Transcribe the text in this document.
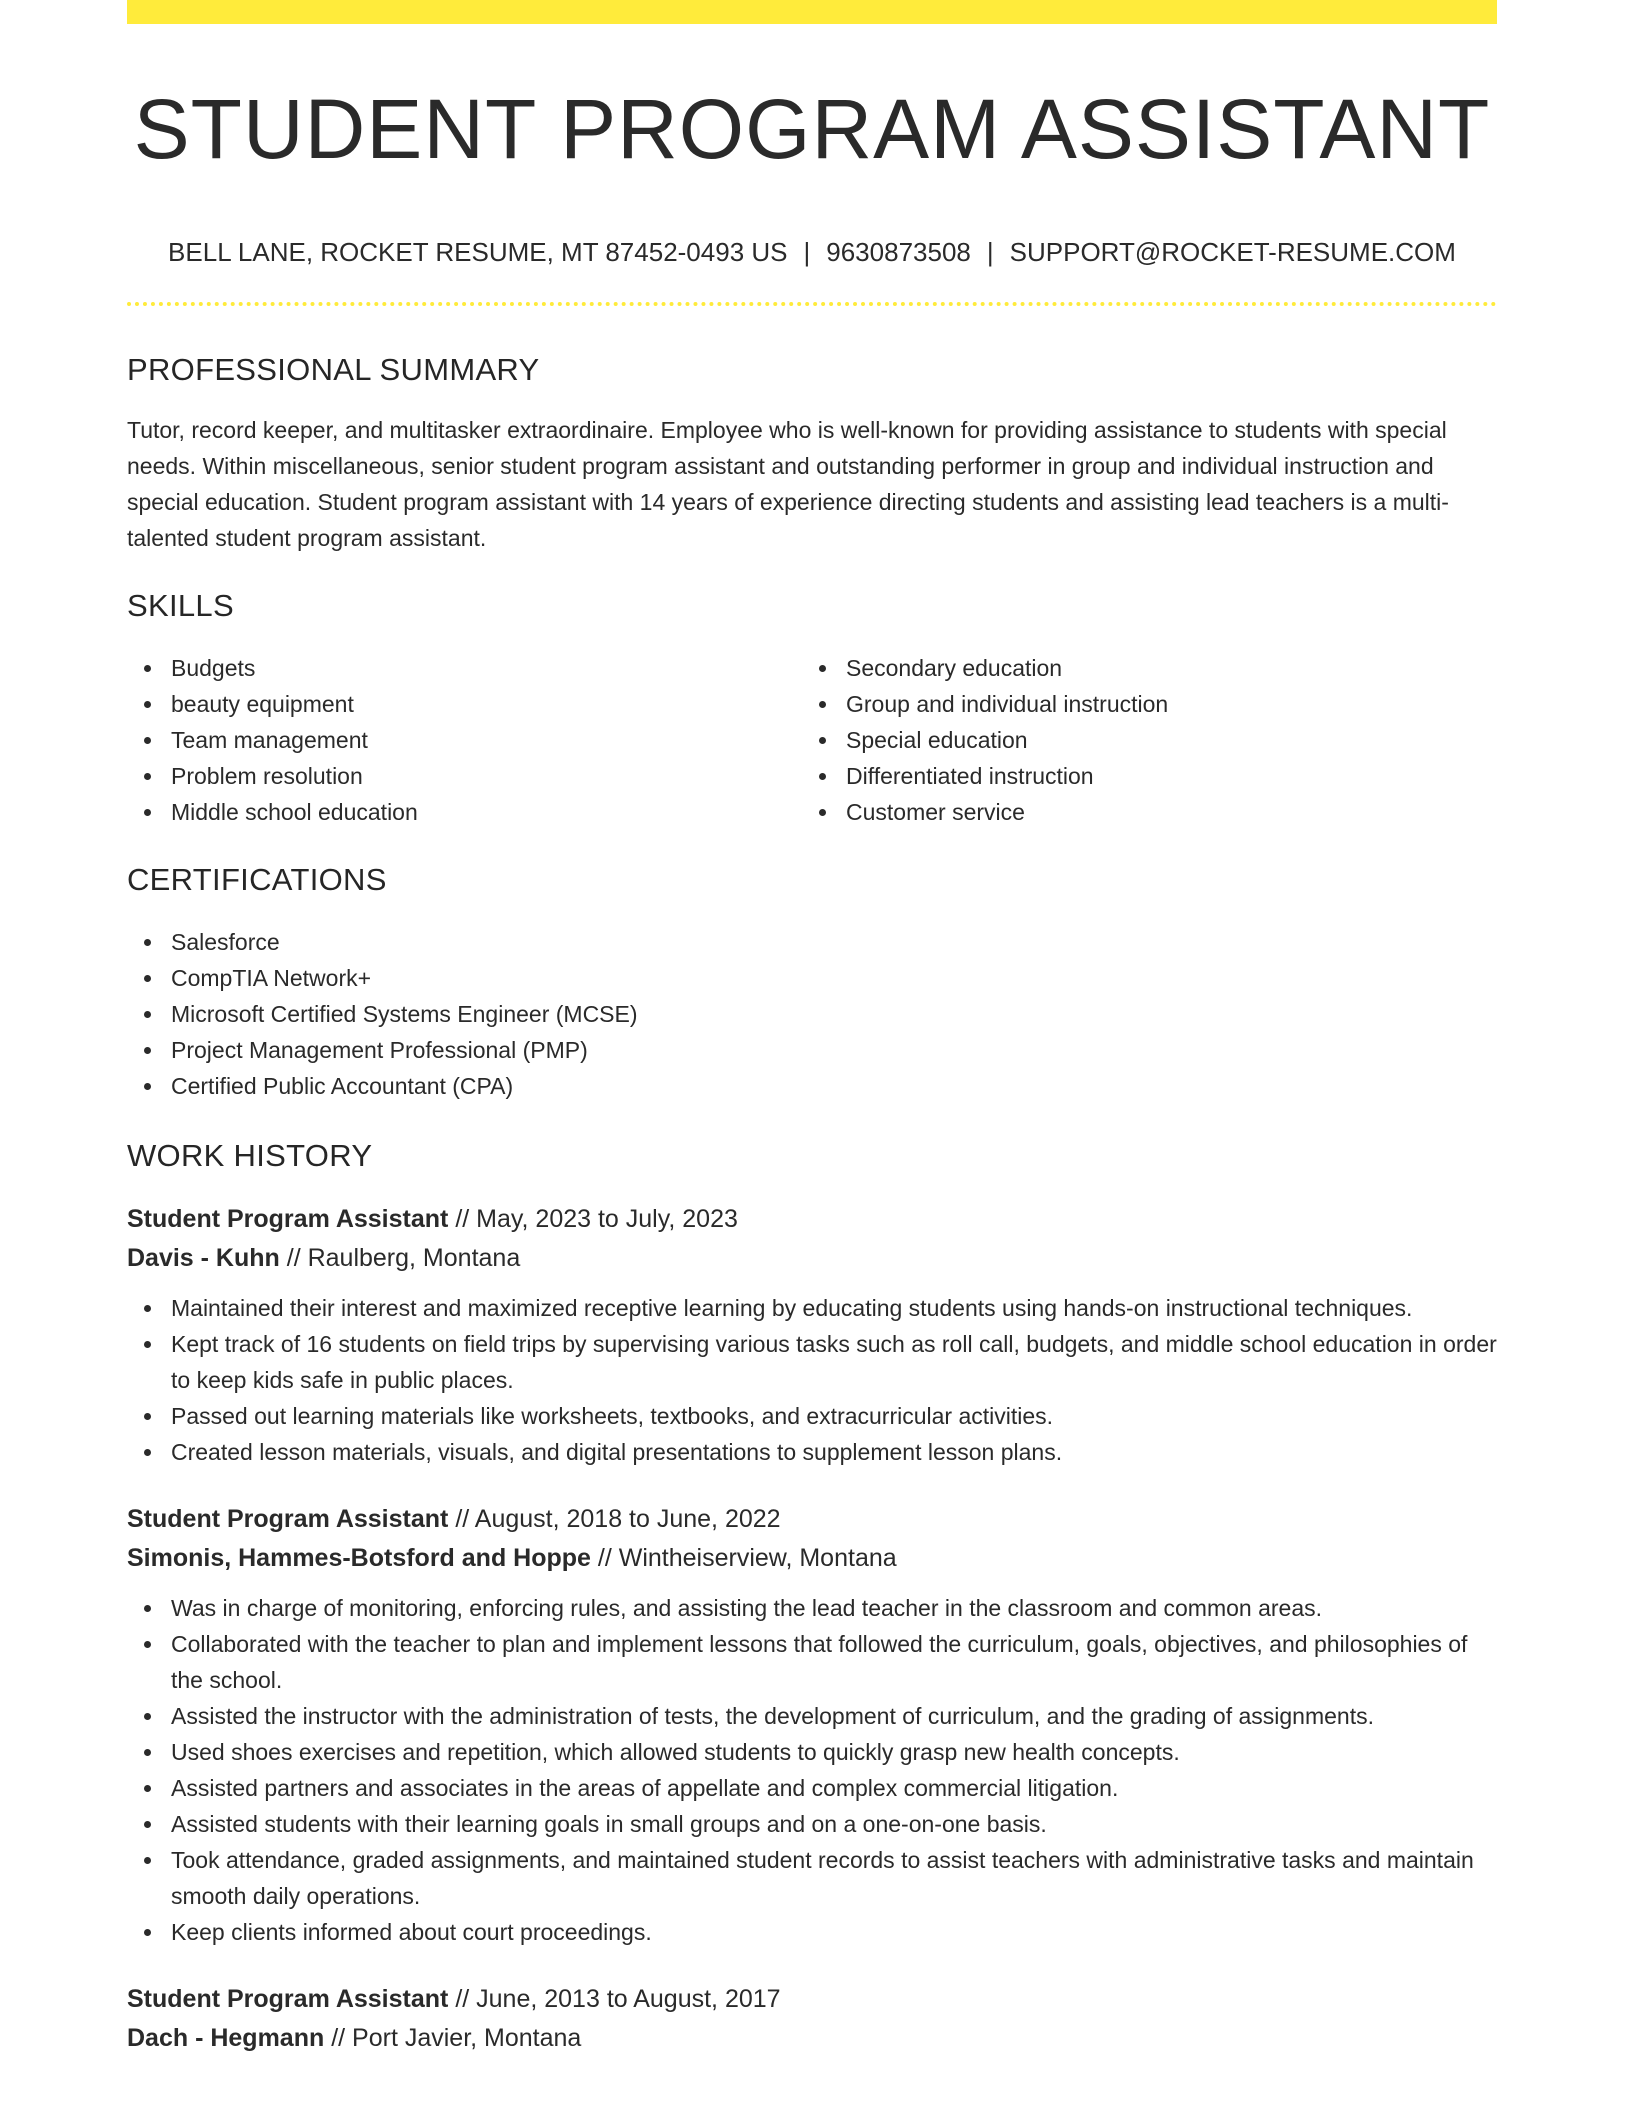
STUDENT PROGRAM ASSISTANT
BELL LANE, ROCKET RESUME, MT 87452-0493 US | 9630873508 | SUPPORT@ROCKET-RESUME.COM
PROFESSIONAL SUMMARY

Tutor, record keeper, and multitasker extraordinaire. Employee who is well-known for providing assistance to students with special needs. Within miscellaneous, senior student program assistant and outstanding performer in group and individual instruction and special education. Student program assistant with 14 years of experience directing students and assisting lead teachers is a multi-talented student program assistant.

SKILLS
Budgets
beauty equipment
Team management
Problem resolution
Middle school education
Secondary education
Group and individual instruction
Special education
Differentiated instruction
Customer service
CERTIFICATIONS
Salesforce
CompTIA Network+
Microsoft Certified Systems Engineer (MCSE)
Project Management Professional (PMP)
Certified Public Accountant (CPA)
WORK HISTORY
Student Program Assistant // May, 2023 to July, 2023
Davis - Kuhn // Raulberg, Montana
Maintained their interest and maximized receptive learning by educating students using hands-on instructional techniques.
Kept track of 16 students on field trips by supervising various tasks such as roll call, budgets, and middle school education in order to keep kids safe in public places.
Passed out learning materials like worksheets, textbooks, and extracurricular activities.
Created lesson materials, visuals, and digital presentations to supplement lesson plans.
Student Program Assistant // August, 2018 to June, 2022
Simonis, Hammes-Botsford and Hoppe // Wintheiserview, Montana
Was in charge of monitoring, enforcing rules, and assisting the lead teacher in the classroom and common areas.
Collaborated with the teacher to plan and implement lessons that followed the curriculum, goals, objectives, and philosophies of the school.
Assisted the instructor with the administration of tests, the development of curriculum, and the grading of assignments.
Used shoes exercises and repetition, which allowed students to quickly grasp new health concepts.
Assisted partners and associates in the areas of appellate and complex commercial litigation.
Assisted students with their learning goals in small groups and on a one-on-one basis.
Took attendance, graded assignments, and maintained student records to assist teachers with administrative tasks and maintain smooth daily operations.
Keep clients informed about court proceedings.
Student Program Assistant // June, 2013 to August, 2017
Dach - Hegmann // Port Javier, Montana
